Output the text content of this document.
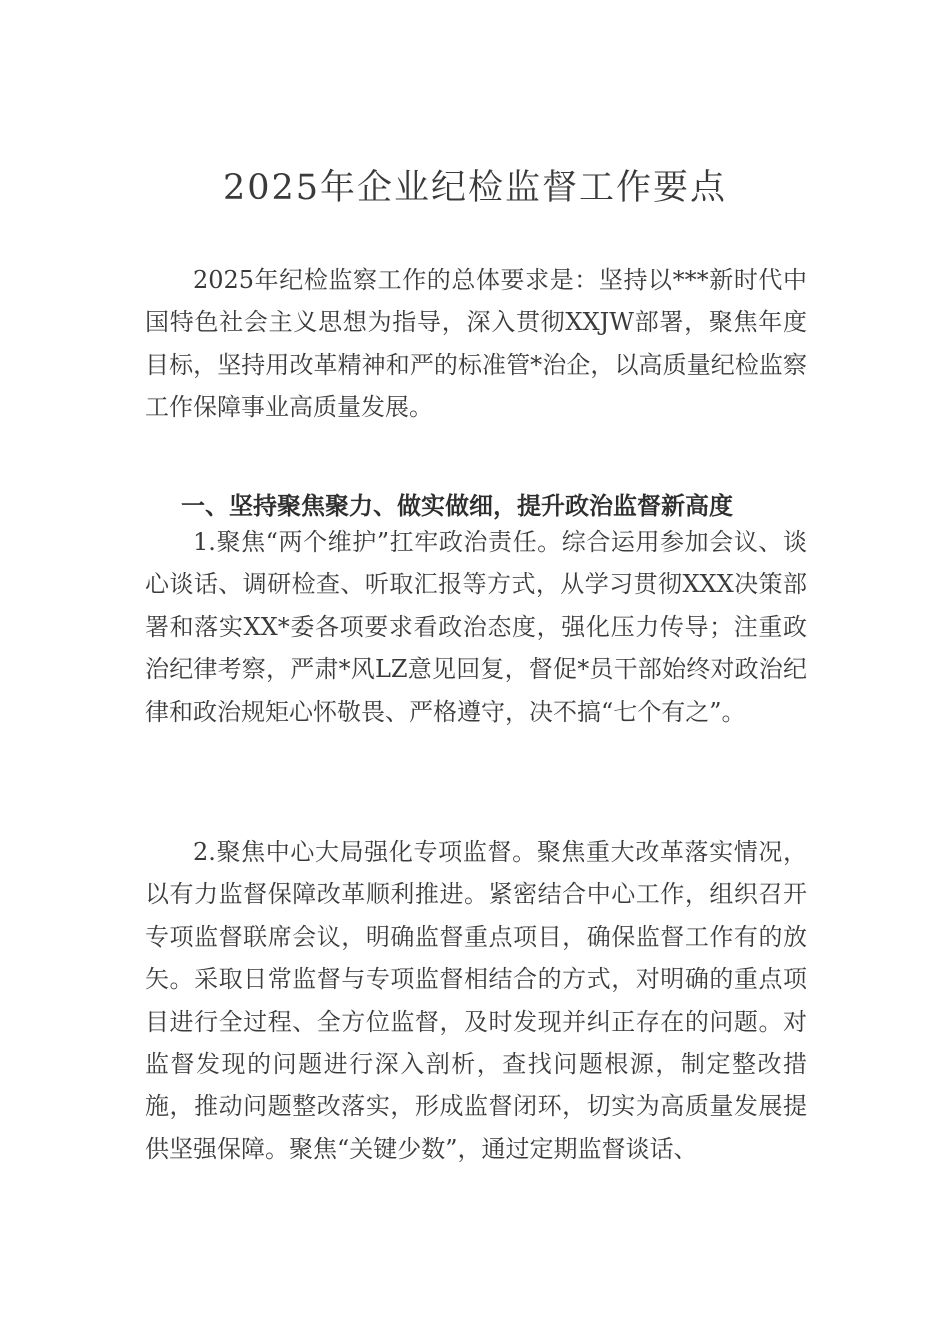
2025年企业纪检监督工作要点

2025年纪检监察工作的总体要求是：坚持以***新时代中国特色社会主义思想为指导，深入贯彻XXJW部署，聚焦年度目标，坚持用改革精神和严的标准管*治企，以高质量纪检监察工作保障事业高质量发展。

一、坚持聚焦聚力、做实做细，提升政治监督新高度

1.聚焦“两个维护”扛牢政治责任。综合运用参加会议、谈心谈话、调研检查、听取汇报等方式，从学习贯彻XXX决策部署和落实XX*委各项要求看政治态度，强化压力传导；注重政治纪律考察，严肃*风LZ意见回复，督促*员干部始终对政治纪律和政治规矩心怀敬畏、严格遵守，决不搞“七个有之”。

2.聚焦中心大局强化专项监督。聚焦重大改革落实情况，以有力监督保障改革顺利推进。紧密结合中心工作，组织召开专项监督联席会议，明确监督重点项目，确保监督工作有的放矢。采取日常监督与专项监督相结合的方式，对明确的重点项目进行全过程、全方位监督，及时发现并纠正存在的问题。对监督发现的问题进行深入剖析，查找问题根源，制定整改措施，推动问题整改落实，形成监督闭环，切实为高质量发展提供坚强保障。聚焦“关键少数”，通过定期监督谈话、
